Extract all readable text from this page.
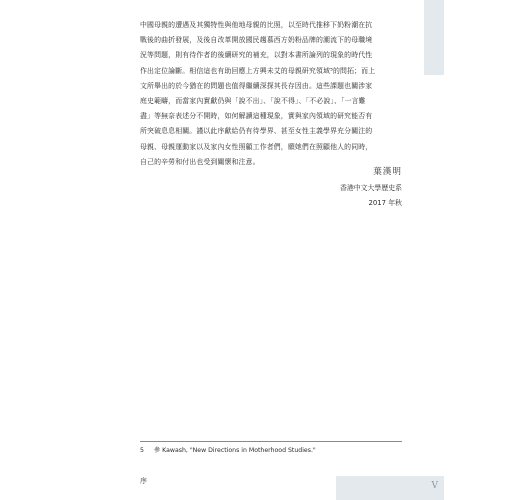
V

中國母親的遭遇及其獨特性與他地母親的比照，以至時代推移下奶粉潮在抗

戰後的曲折發展，及後自改革開放國民趨慕西方奶粉品牌的潮流下的母職境

況等問題，則有待作者的後續研究的補充，以對本書所論列的現象的時代性

作出定位論斷。相信這也有助回應上方興未艾的母親研究領域⁵的問拓；而上

文所舉出的於今猶在的問題也值得繼續深探其長存因由。這些課題也關涉家

庭史範疇，而當家內實獻仍與「說不出」、「說不得」、「不必說」、「一言難

盡」等無奈表述分不開時，如何解讀這種現象，實與家內領域的研究能否有

所突破息息相關。謹以此序獻給仍有待學界、甚至女性主義學界充分關注的

母親、母親運動家以及家內女性照顧工作者們，願她們在照顧他人的同時，

自己的辛勞和付出也受到關懷和注意。

葉漢明
香港中文大學歷史系
2017 年秋
5 參 Kawash, "New Directions in Motherhood Studies."
序
